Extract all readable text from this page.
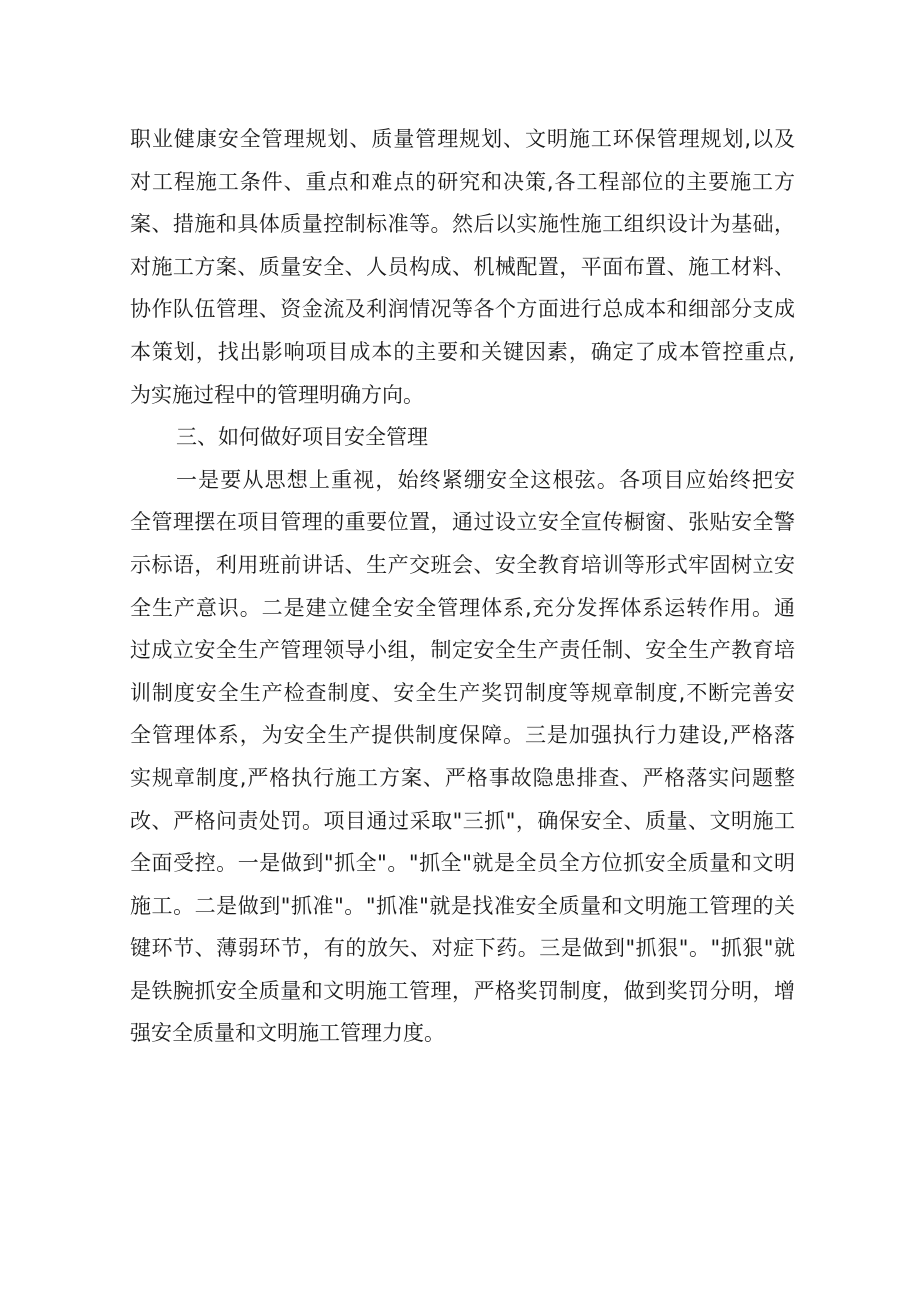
职业健康安全管理规划、质量管理规划、文明施工环保管理规划,以及
对工程施工条件、重点和难点的研究和决策,各工程部位的主要施工方
案、措施和具体质量控制标准等。然后以实施性施工组织设计为基础，
对施工方案、质量安全、人员构成、机械配置，平面布置、施工材料、
协作队伍管理、资金流及利润情况等各个方面进行总成本和细部分支成
本策划，找出影响项目成本的主要和关键因素，确定了成本管控重点,
为实施过程中的管理明确方向。
三、如何做好项目安全管理
一是要从思想上重视，始终紧绷安全这根弦。各项目应始终把安
全管理摆在项目管理的重要位置，通过设立安全宣传橱窗、张贴安全警
示标语，利用班前讲话、生产交班会、安全教育培训等形式牢固树立安
全生产意识。二是建立健全安全管理体系,充分发挥体系运转作用。通
过成立安全生产管理领导小组，制定安全生产责任制、安全生产教育培
训制度安全生产检查制度、安全生产奖罚制度等规章制度,不断完善安
全管理体系，为安全生产提供制度保障。三是加强执行力建设,严格落
实规章制度,严格执行施工方案、严格事故隐患排查、严格落实问题整
改、严格问责处罚。项目通过采取"三抓"，确保安全、质量、文明施工
全面受控。一是做到"抓全"。"抓全"就是全员全方位抓安全质量和文明
施工。二是做到"抓准"。"抓准"就是找准安全质量和文明施工管理的关
键环节、薄弱环节，有的放矢、对症下药。三是做到"抓狠"。"抓狠"就
是铁腕抓安全质量和文明施工管理，严格奖罚制度，做到奖罚分明，增
强安全质量和文明施工管理力度。
